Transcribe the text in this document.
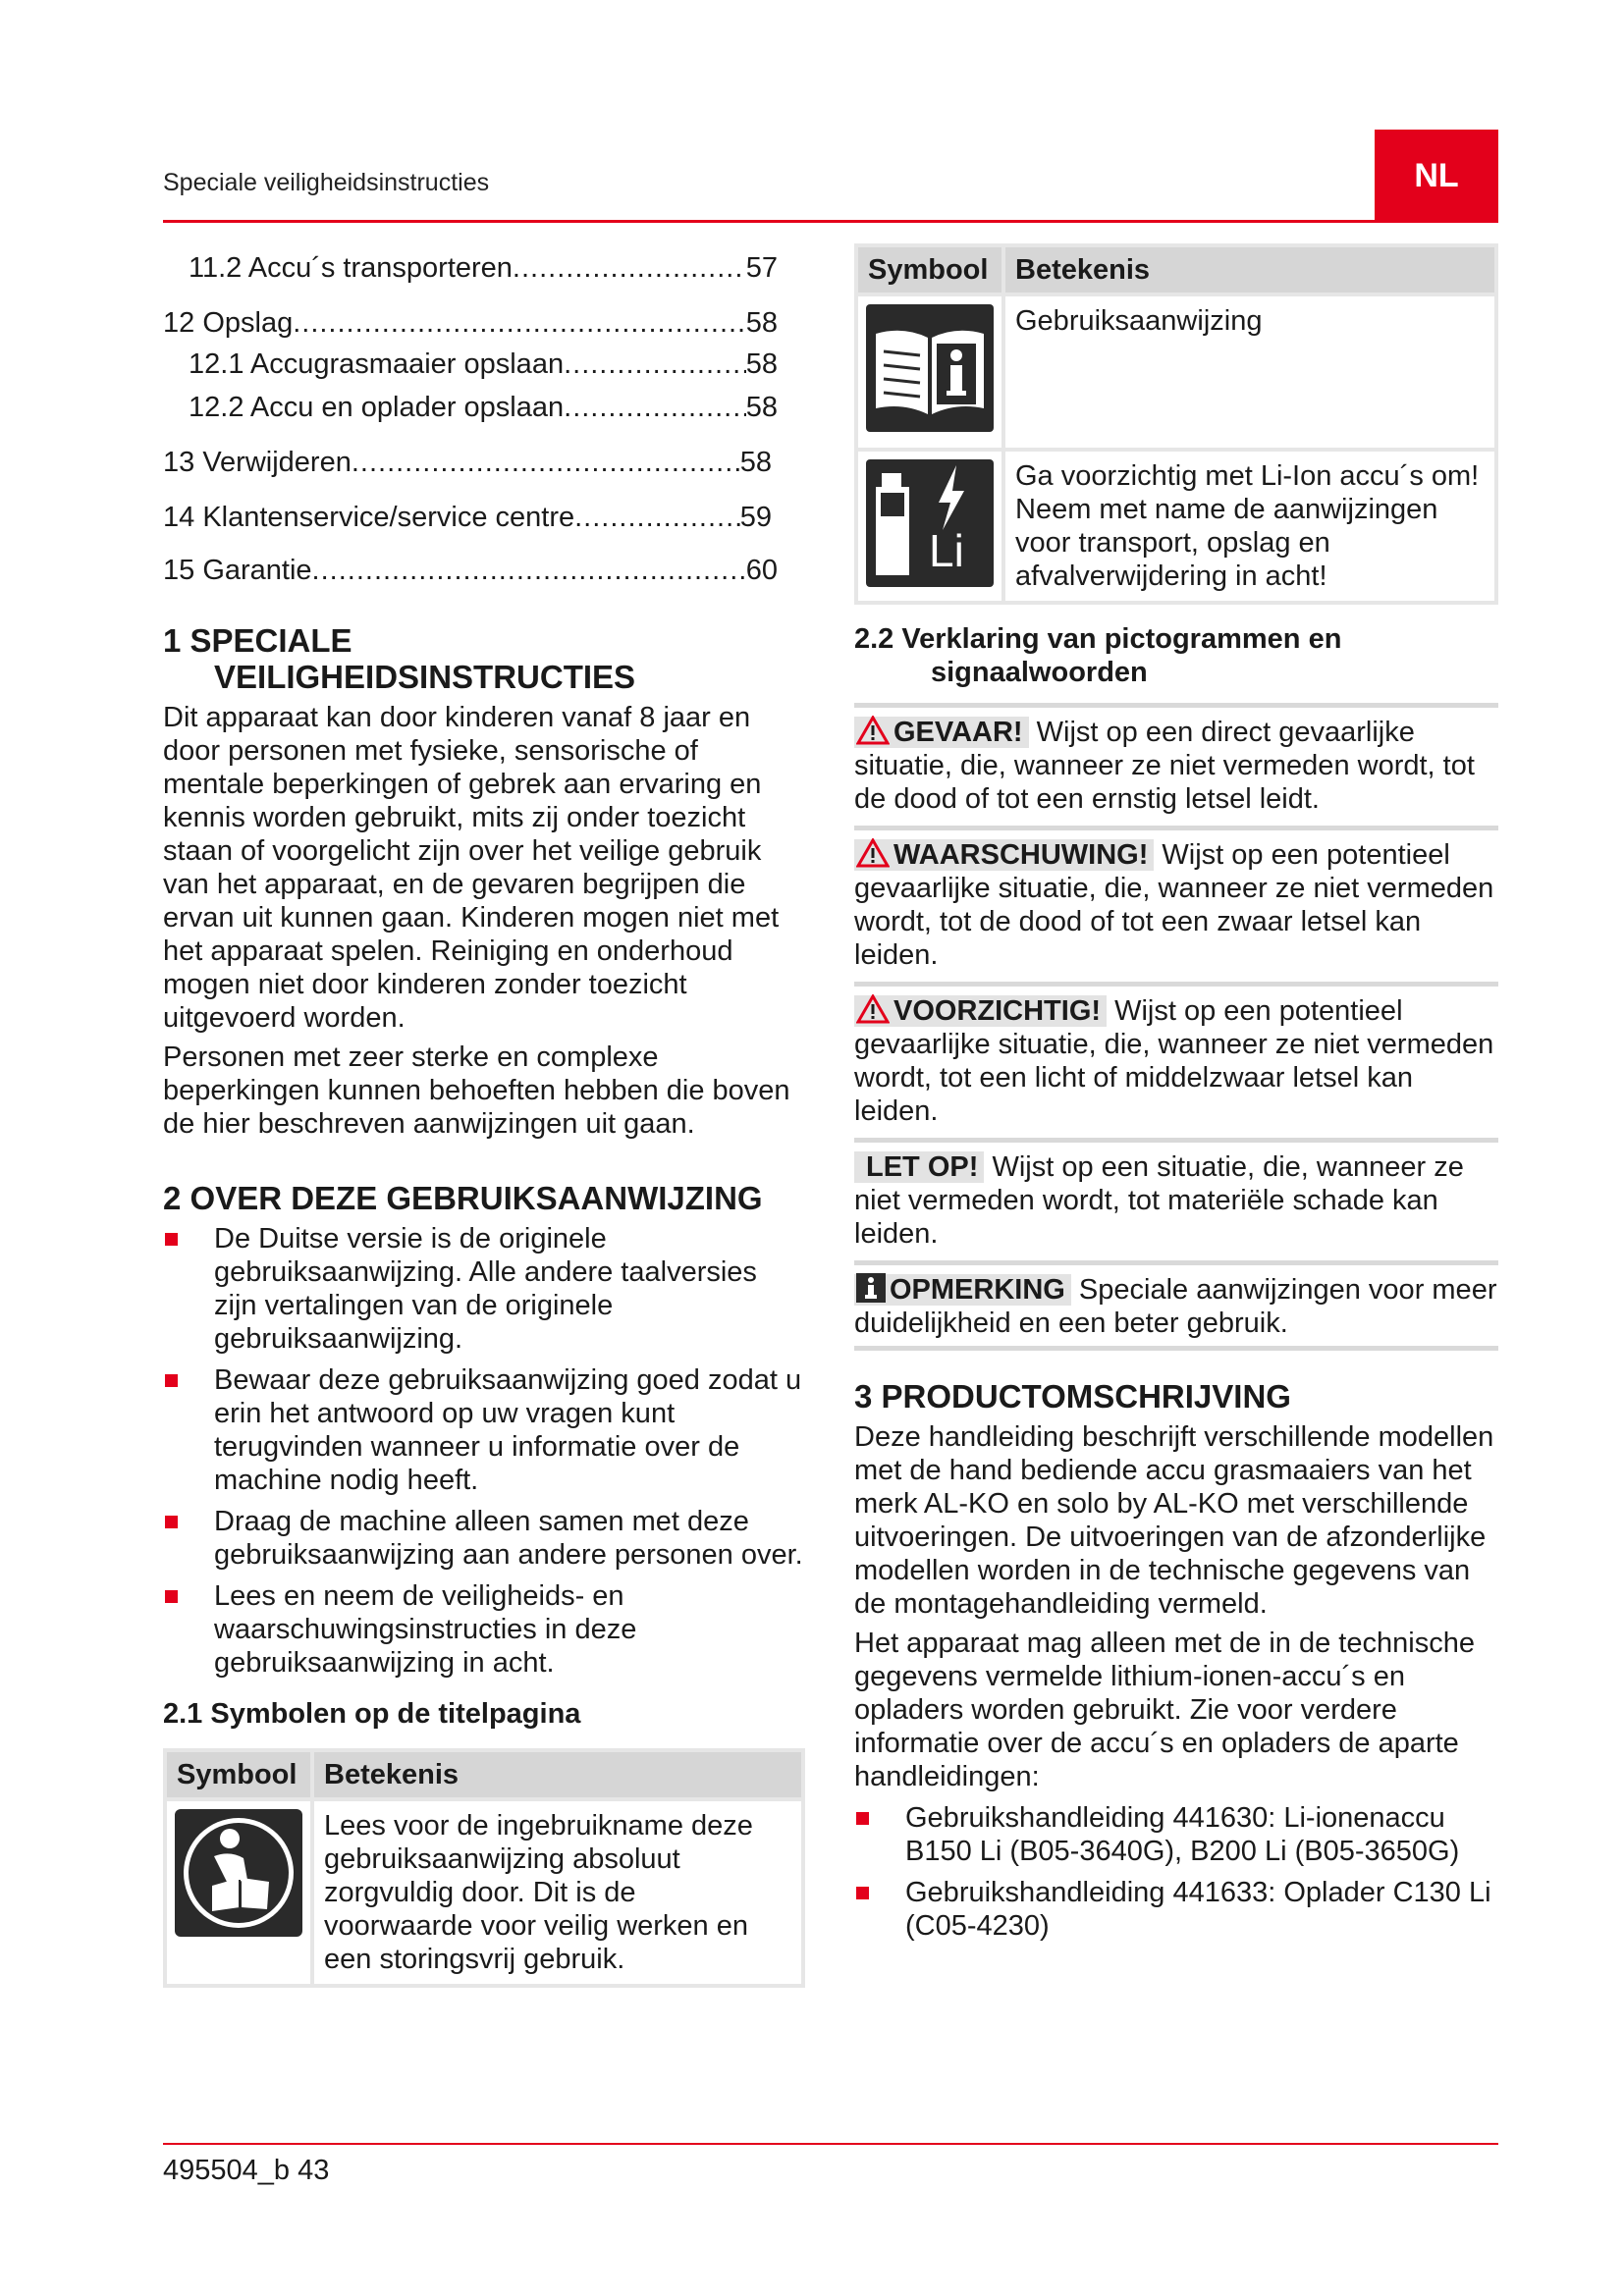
Speciale veiligheidsinstructies	NL
11.2 Accu´s transporteren .....	57
12 Opslag .....	58
12.1 Accugrasmaaier opslaan .....	58
12.2 Accu en oplader opslaan .....	58
13 Verwijderen .....	58
14 Klantenservice/service centre .....	59
15 Garantie .....	60
1 SPECIALE
VEILIGHEIDSINSTRUCTIES

Dit apparaat kan door kinderen vanaf 8 jaar en door personen met fysieke, sensorische of mentale beperkingen of gebrek aan ervaring en kennis worden gebruikt, mits zij onder toezicht staan of voorgelicht zijn over het veilige gebruik van het apparaat, en de gevaren begrijpen die ervan uit kunnen gaan. Kinderen mogen niet met het apparaat spelen. Reiniging en onderhoud mogen niet door kinderen zonder toezicht uitgevoerd worden.

Personen met zeer sterke en complexe beperkingen kunnen behoeften hebben die boven de hier beschreven aanwijzingen uit gaan.

2 OVER DEZE GEBRUIKSAANWIJZING
De Duitse versie is de originele gebruiksaanwijzing. Alle andere taalversies zijn vertalingen van de originele gebruiksaanwijzing.
Bewaar deze gebruiksaanwijzing goed zodat u erin het antwoord op uw vragen kunt terugvinden wanneer u informatie over de machine nodig heeft.
Draag de machine alleen samen met deze gebruiksaanwijzing aan andere personen over.
Lees en neem de veiligheids- en waarschuwingsinstructies in deze gebruiksaanwijzing in acht.
2.1 Symbolen op de titelpagina
Symbool	Betekenis
	Lees voor de ingebruikname deze gebruiksaanwijzing absoluut zorgvuldig door. Dit is de voorwaarde voor veilig werken en een storingsvrij gebruik.
Symbool	Betekenis
	Gebruiksaanwijzing

Li	Ga voorzichtig met Li-Ion accu´s om! Neem met name de aanwijzingen voor transport, opslag en afvalverwijdering in acht!
2.2 Verklaring van pictogrammen en
signaalwoorden
GEVAAR! Wijst op een direct gevaarlijke situatie, die, wanneer ze niet vermeden wordt, tot de dood of tot een ernstig letsel leidt.
WAARSCHUWING! Wijst op een potentieel gevaarlijke situatie, die, wanneer ze niet vermeden wordt, tot de dood of tot een zwaar letsel kan leiden.
VOORZICHTIG! Wijst op een potentieel gevaarlijke situatie, die, wanneer ze niet vermeden wordt, tot een licht of middelzwaar letsel kan leiden.
LET OP! Wijst op een situatie, die, wanneer ze niet vermeden wordt, tot materiële schade kan leiden.
OPMERKING Speciale aanwijzingen voor meer duidelijkheid en een beter gebruik.
3 PRODUCTOMSCHRIJVING

Deze handleiding beschrijft verschillende modellen met de hand bediende accu grasmaaiers van het merk AL-KO en solo by AL-KO met verschillende uitvoeringen. De uitvoeringen van de afzonderlijke modellen worden in de technische gegevens van de montagehandleiding vermeld.

Het apparaat mag alleen met de in de technische gegevens vermelde lithium-ionen-accu´s en opladers worden gebruikt. Zie voor verdere informatie over de accu´s en opladers de aparte handleidingen:

Gebruikshandleiding 441630: Li-ionenaccu B150 Li (B05-3640G), B200 Li (B05-3650G)
Gebruikshandleiding 441633: Oplader C130 Li (C05-4230)
495504_b 43
